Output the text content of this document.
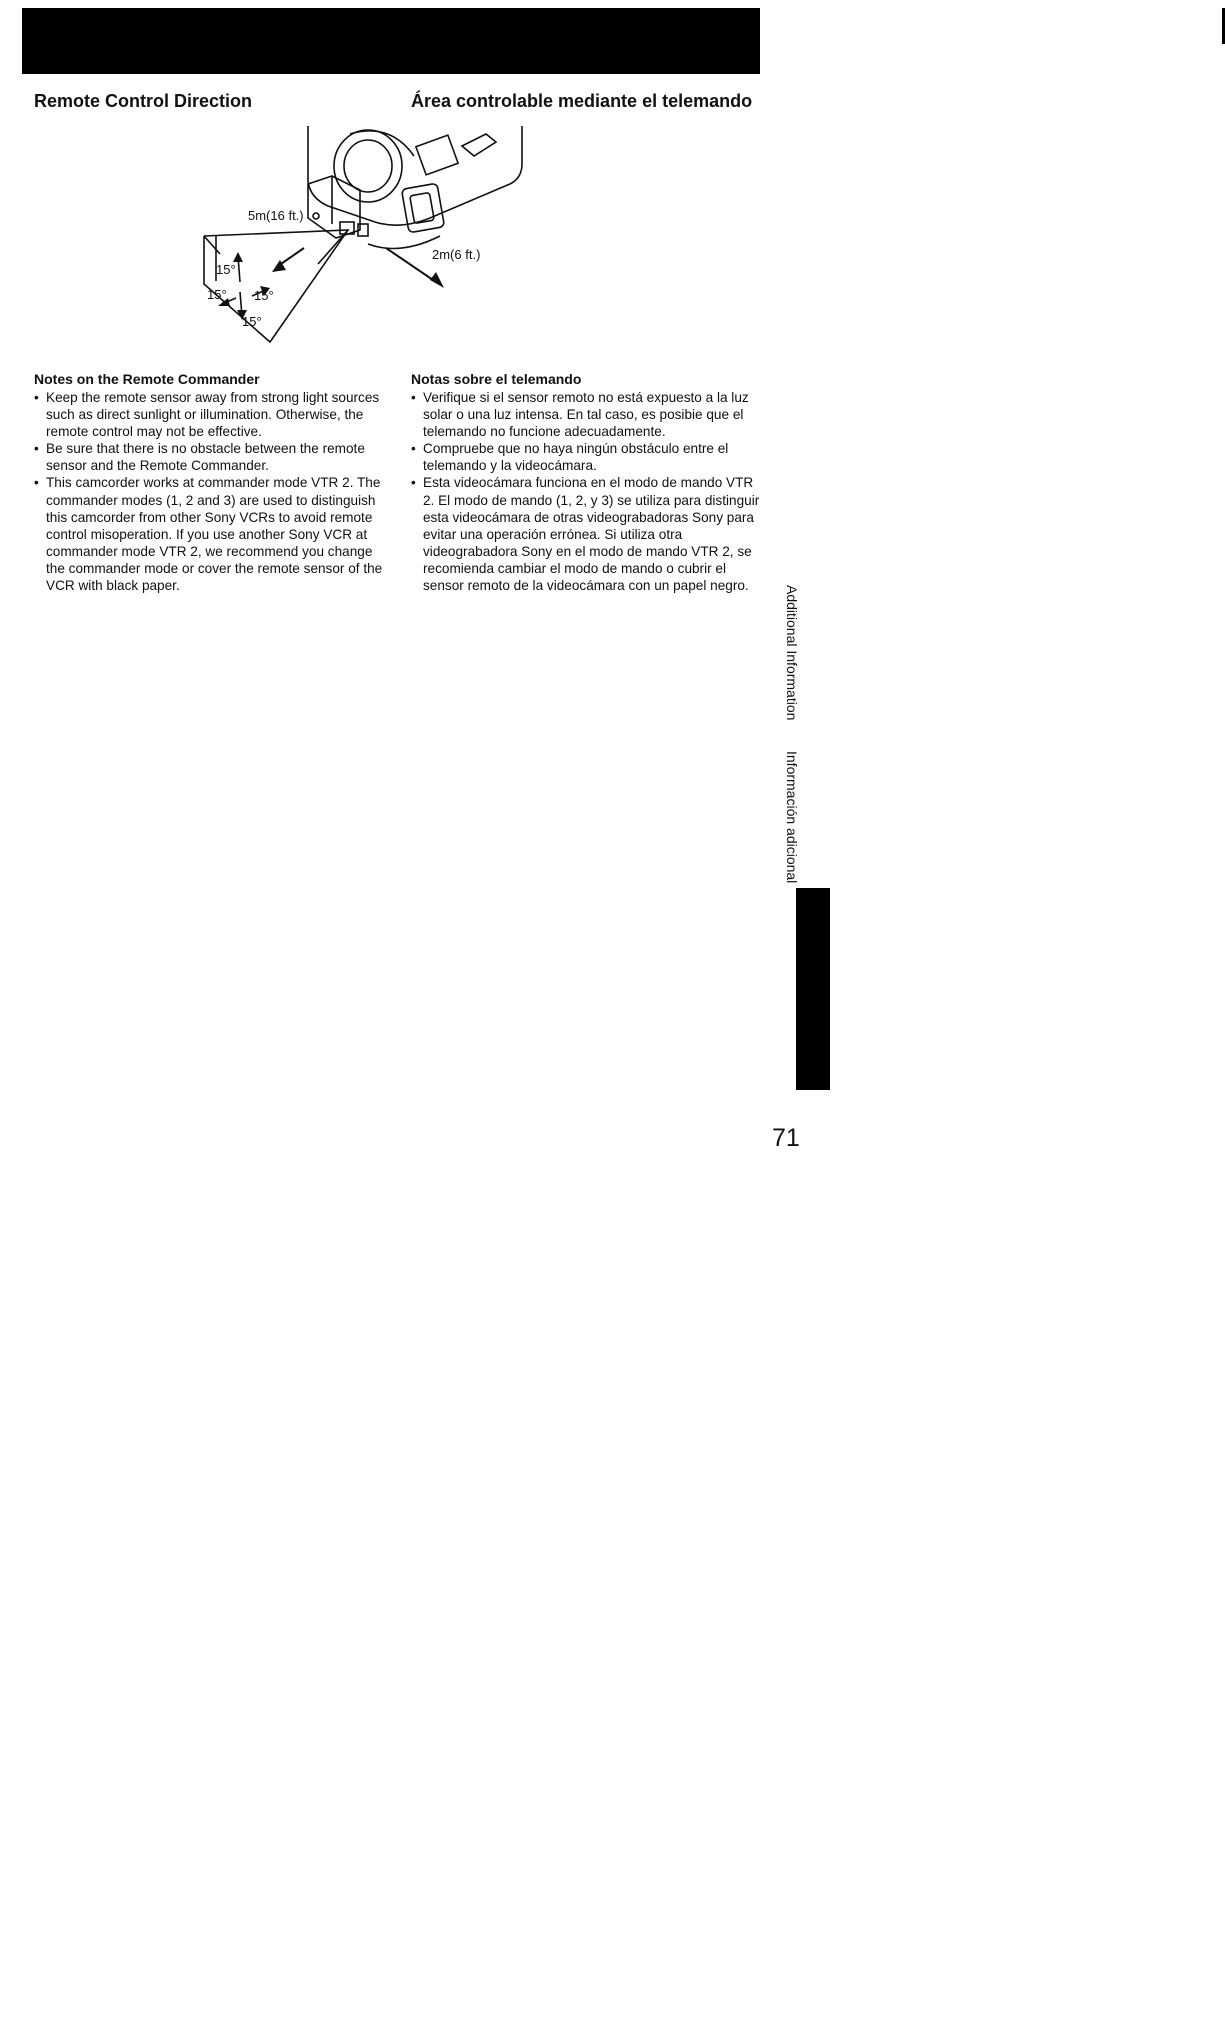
Remote Control Direction	Área controlable mediante el telemando
5m(16 ft.)
2m(6 ft.)
15°
15° 15°
15°
Notes on the Remote Commander
• Keep the remote sensor away from strong light sources such as direct sunlight or illumination. Otherwise, the remote control may not be effective.
• Be sure that there is no obstacle between the remote sensor and the Remote Commander.
• This camcorder works at commander mode VTR 2. The commander modes (1, 2 and 3) are used to distinguish this camcorder from other Sony VCRs to avoid remote control misoperation. If you use another Sony VCR at commander mode VTR 2, we recommend you change the commander mode or cover the remote sensor of the VCR with black paper.
Notas sobre el telemando
• Verifique si el sensor remoto no está expuesto a la luz solar o una luz intensa. En tal caso, es posibie que el telemando no funcione adecuadamente.
• Compruebe que no haya ningún obstáculo entre el telemando y la videocámara.
• Esta videocámara funciona en el modo de mando VTR 2. El modo de mando (1, 2, y 3) se utiliza para distinguir esta videocámara de otras videograbadoras Sony para evitar una operación errónea. Si utiliza otra videograbadora Sony en el modo de mando VTR 2, se recomienda cambiar el modo de mando o cubrir el sensor remoto de la videocámara con un papel negro.	Additional Information
Información adicional

71
